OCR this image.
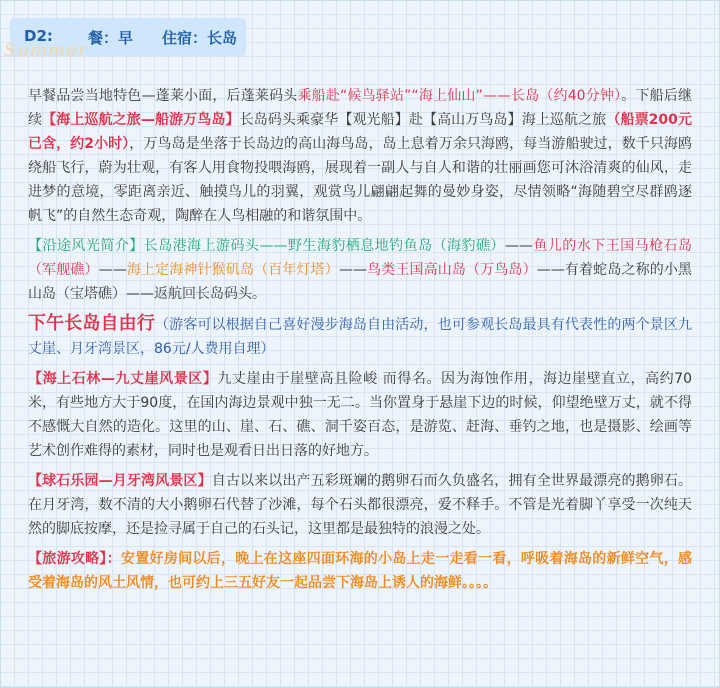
D2: 餐：早 住宿：长岛
Summer

早餐品尝当地特色—蓬莱小面，后蓬莱码头乘船赴“候鸟驿站”“海上仙山”——长岛（约40分钟）。下船后继续【海上巡航之旅—船游万鸟岛】长岛码头乘豪华【观光船】赴【高山万鸟岛】海上巡航之旅（船票200元已含，约2小时），万鸟岛是坐落于长岛边的高山海鸟岛，岛上息着万余只海鸥，每当游船驶过，数千只海鸥绕船飞行，蔚为壮观，有客人用食物投喂海鸥，展现着一副人与自人和谐的壮丽画您可沐浴清爽的仙风，走进梦的意境，零距离亲近、触摸鸟儿的羽翼，观赏鸟儿翩翩起舞的曼妙身姿，尽情领略“海随碧空尽群鸥逐帆飞”的自然生态奇观，陶醉在人鸟相融的和谐氛围中。

【沿途风光简介】长岛港海上游码头——野生海豹栖息地钓鱼岛（海豹礁）——鱼儿的水下王国马枪石岛（军舰礁）——海上定海神针猴矶岛（百年灯塔）——鸟类王国高山岛（万鸟岛）——有着蛇岛之称的小黑山岛（宝塔礁）——返航回长岛码头。

下午长岛自由行（游客可以根据自己喜好漫步海岛自由活动，也可参观长岛最具有代表性的两个景区九丈崖、月牙湾景区，86元/人费用自理）

【海上石林—九丈崖风景区】九丈崖由于崖壁高且险峻 而得名。因为海蚀作用，海边崖壁直立，高约70米，有些地方大于90度，在国内海边景观中独一无二。当你置身于悬崖下边的时候，仰望绝壁万丈，就不得不感慨大自然的造化。这里的山、崖、石、礁、洞千姿百态，是游览、赶海、垂钓之地，也是摄影、绘画等艺术创作难得的素材，同时也是观看日出日落的好地方。

【球石乐园—月牙湾风景区】自古以来以出产五彩斑斓的鹅卵石而久负盛名，拥有全世界最漂亮的鹅卵石。在月牙湾，数不清的大小鹅卵石代替了沙滩，每个石头都很漂亮，爱不释手。不管是光着脚丫享受一次纯天然的脚底按摩，还是捡寻属于自己的石头记，这里都是最独特的浪漫之处。

【旅游攻略】：安置好房间以后，晚上在这座四面环海的小岛上走一走看一看，呼吸着海岛的新鲜空气，感受着海岛的风土风情，也可约上三五好友一起品尝下海岛上诱人的海鲜。。。。
